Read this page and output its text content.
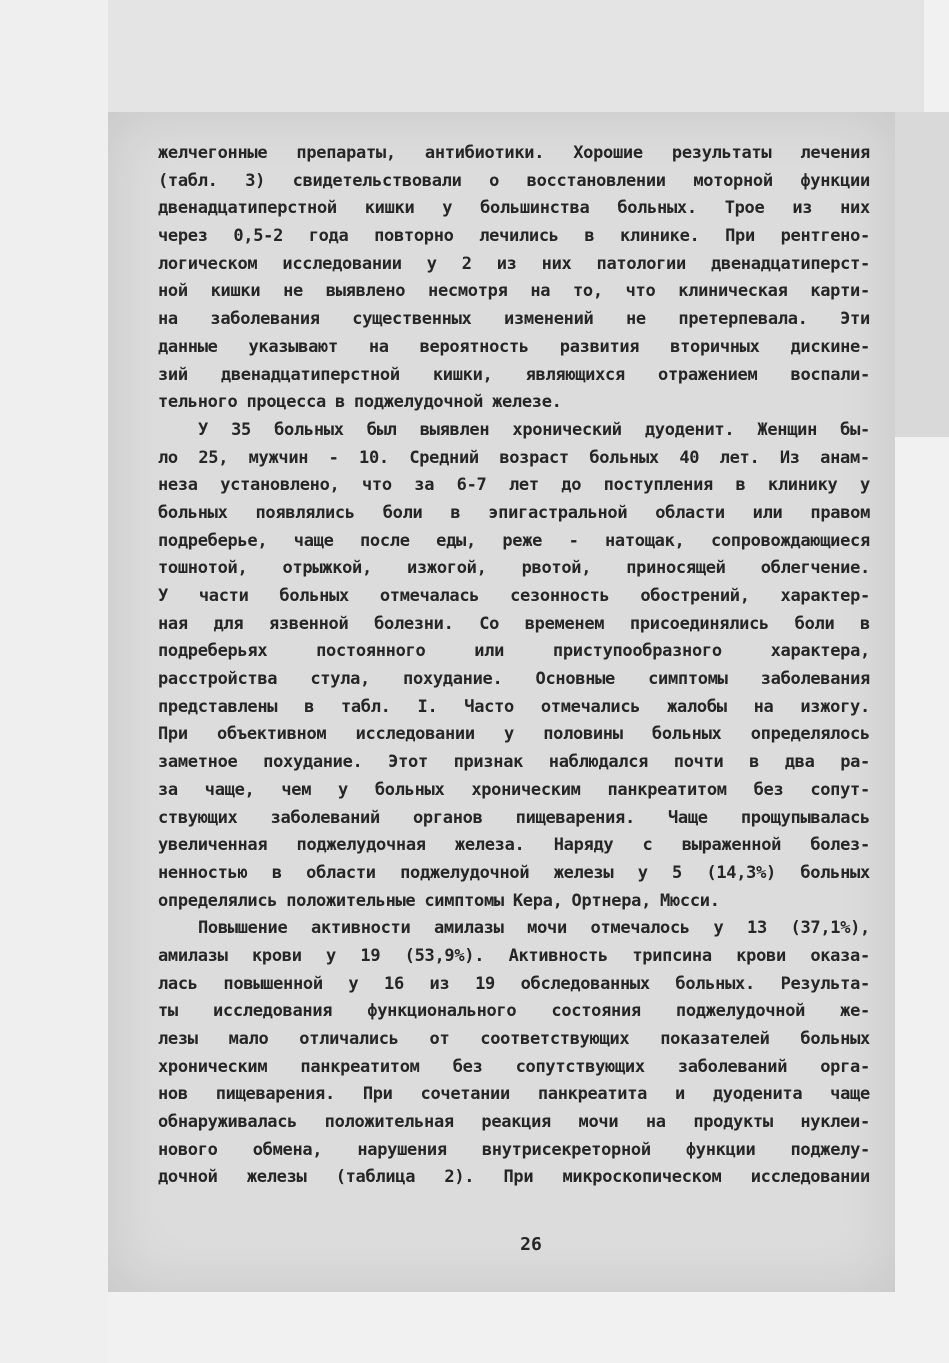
желчегонные препараты, антибиотики. Хорошие результаты лечения
(табл. 3) свидетельствовали о восстановлении моторной функции
двенадцатиперстной кишки у большинства больных. Трое из них
через 0,5-2 года повторно лечились в клинике. При рентгено-
логическом исследовании у 2 из них патологии двенадцатиперст-
ной кишки не выявлено несмотря на то, что клиническая карти-
на заболевания существенных изменений не претерпевала. Эти
данные указывают на вероятность развития вторичных дискине-
зий двенадцатиперстной кишки, являющихся отражением воспали-
тельного процесса в поджелудочной железе.
У 35 больных был выявлен хронический дуоденит. Женщин бы-
ло 25, мужчин - 10. Средний возраст больных 40 лет. Из анам-
неза установлено, что за 6-7 лет до поступления в клинику у
больных появлялись боли в эпигастральной области или правом
подреберье, чаще после еды, реже - натощак, сопровождающиеся
тошнотой, отрыжкой, изжогой, рвотой, приносящей облегчение.
У части больных отмечалась сезонность обострений, характер-
ная для язвенной болезни. Со временем присоединялись боли в
подреберьях	постоянного	или	приступообразного	характера,
расстройства стула, похудание. Основные симптомы заболевания
представлены в табл. I. Часто отмечались жалобы на изжогу.
При объективном исследовании у половины больных определялось
заметное похудание. Этот признак наблюдался почти в два ра-
за чаще, чем у больных хроническим панкреатитом без сопут-
ствующих заболеваний органов пищеварения. Чаще прощупывалась
увеличенная поджелудочная железа. Наряду с выраженной болез-
ненностью в области поджелудочной железы у 5 (14,3%) больных
определялись положительные симптомы Кера, Ортнера, Мюсси.
Повышение активности амилазы мочи отмечалось у 13 (37,1%),
амилазы крови у 19 (53,9%). Активность трипсина крови оказа-
лась повышенной у 16 из 19 обследованных больных. Результа-
ты исследования функционального состояния поджелудочной же-
лезы мало отличались от соответствующих показателей больных
хроническим панкреатитом без сопутствующих заболеваний орга-
нов пищеварения. При сочетании панкреатита и дуоденита чаще
обнаруживалась положительная реакция мочи на продукты нуклеи-
нового обмена, нарушения внутрисекреторной функции поджелу-
дочной железы (таблица 2). При микроскопическом исследовании
26
